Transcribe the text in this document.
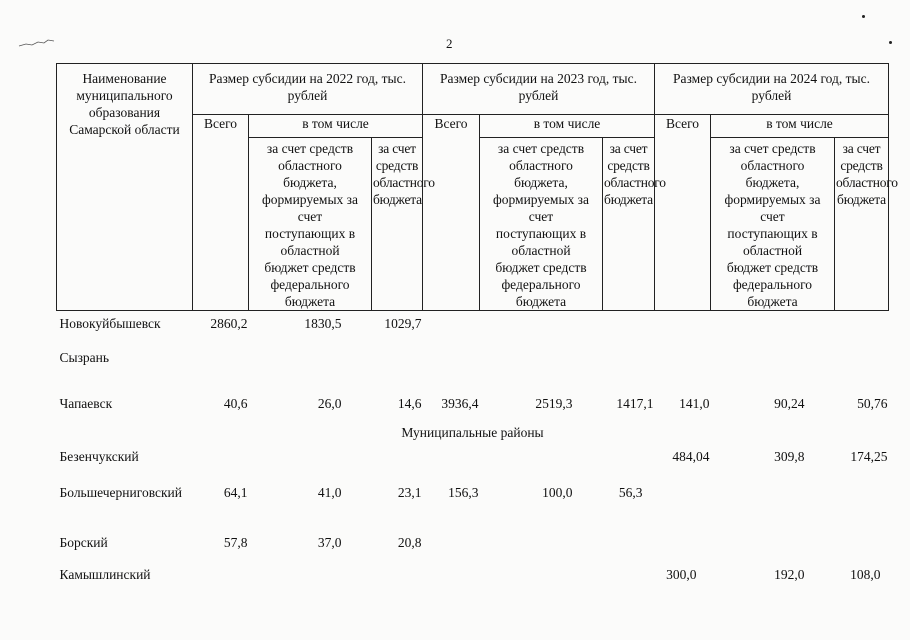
2
Наименование муниципального образования Самарской области	Размер субсидии на 2022 год, тыс. рублей			Размер субсидии на 2023 год, тыс. рублей			Размер субсидии на 2024 год, тыс. рублей		
	Всего	в том числе		Всего	в том числе		Всего	в том числе	
		за счет средств областного бюджета, формируемых за счет поступающих в областной бюджет средств федерального бюджета	за счет средств областного бюджета		за счет средств областного бюджета, формируемых за счет поступающих в областной бюджет средств федерального бюджета	за счет средств областного бюджета		за счет средств областного бюджета, формируемых за счет поступающих в областной бюджет средств федерального бюджета	за счет средств областного бюджета
Новокуйбышевск	2860,2	1830,5	1029,7						
Сызрань									
Чапаевск	40,6	26,0	14,6	3936,4	2519,3	1417,1	141,0	90,24	50,76
Муниципальные районы									
Безенчукский							484,04	309,8	174,25
Большечерниговский	64,1	41,0	23,1	156,3	100,0	56,3			
Борский	57,8	37,0	20,8						
Камышлинский							300,0	192,0	108,0
